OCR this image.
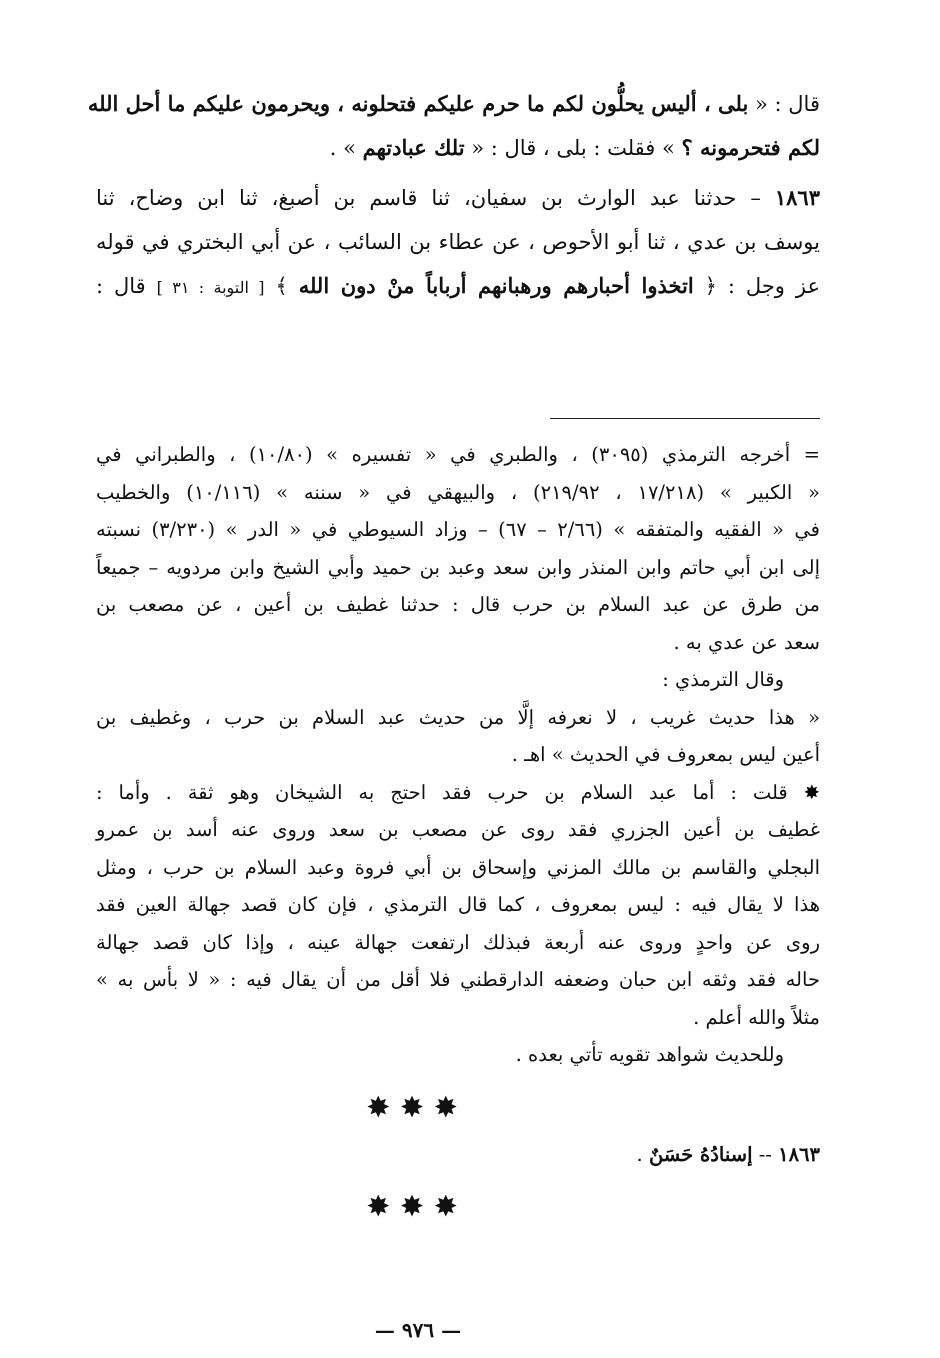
قال : « بلى ، أليس يحلُّون لكم ما حرم عليكم فتحلونه ، ويحرمون عليكم ما أحل الله
لكم فتحرمونه ؟ » فقلت : بلى ، قال : « تلك عبادتهم » .
١٨٦٣ – حدثنا عبد الوارث بن سفيان، ثنا قاسم بن أصبغ، ثنا ابن وضاح، ثنا
يوسف بن عدي ، ثنا أبو الأحوص ، عن عطاء بن السائب ، عن أبي البختري في قوله
عز وجل : ﴿ اتخذوا أحبارهم ورهبانهم أرباباً منْ دون الله ﴾ [ التوبة : ٣١ ] قال :
= أخرجه الترمذي (٣٠٩٥) ، والطبري في « تفسيره » (١٠/٨٠) ، والطبراني في
« الكبير » (١٧/٢١٨ ، ٢١٩/٩٢) ، والبيهقي في « سننه » (١٠/١١٦) والخطيب
في « الفقيه والمتفقه » (٢/٦٦ – ٦٧) – وزاد السيوطي في « الدر » (٣/٢٣٠) نسبته
إلى ابن أبي حاتم وابن المنذر وابن سعد وعبد بن حميد وأبي الشيخ وابن مردويه – جميعاً
من طرق عن عبد السلام بن حرب قال : حدثنا غطيف بن أعين ، عن مصعب بن
سعد عن عدي به .
وقال الترمذي :
« هذا حديث غريب ، لا نعرفه إلَّا من حديث عبد السلام بن حرب ، وغطيف بن
أعين ليس بمعروف في الحديث » اهـ .
✸ قلت : أما عبد السلام بن حرب فقد احتج به الشيخان وهو ثقة . وأما :
غطيف بن أعين الجزري فقد روى عن مصعب بن سعد وروى عنه أسد بن عمرو
البجلي والقاسم بن مالك المزني وإسحاق بن أبي فروة وعبد السلام بن حرب ، ومثل
هذا لا يقال فيه : ليس بمعروف ، كما قال الترمذي ، فإن كان قصد جهالة العين فقد
روى عن واحدٍ وروى عنه أربعة فبذلك ارتفعت جهالة عينه ، وإذا كان قصد جهالة
حاله فقد وثقه ابن حبان وضعفه الدارقطني فلا أقل من أن يقال فيه : « لا بأس به »
مثلاً والله أعلم .
وللحديث شواهد تقويه تأتي بعده .
✸✸✸
١٨٦٣ -- إسنادُهُ حَسَنٌ .
✸✸✸
— ٩٧٦ —
